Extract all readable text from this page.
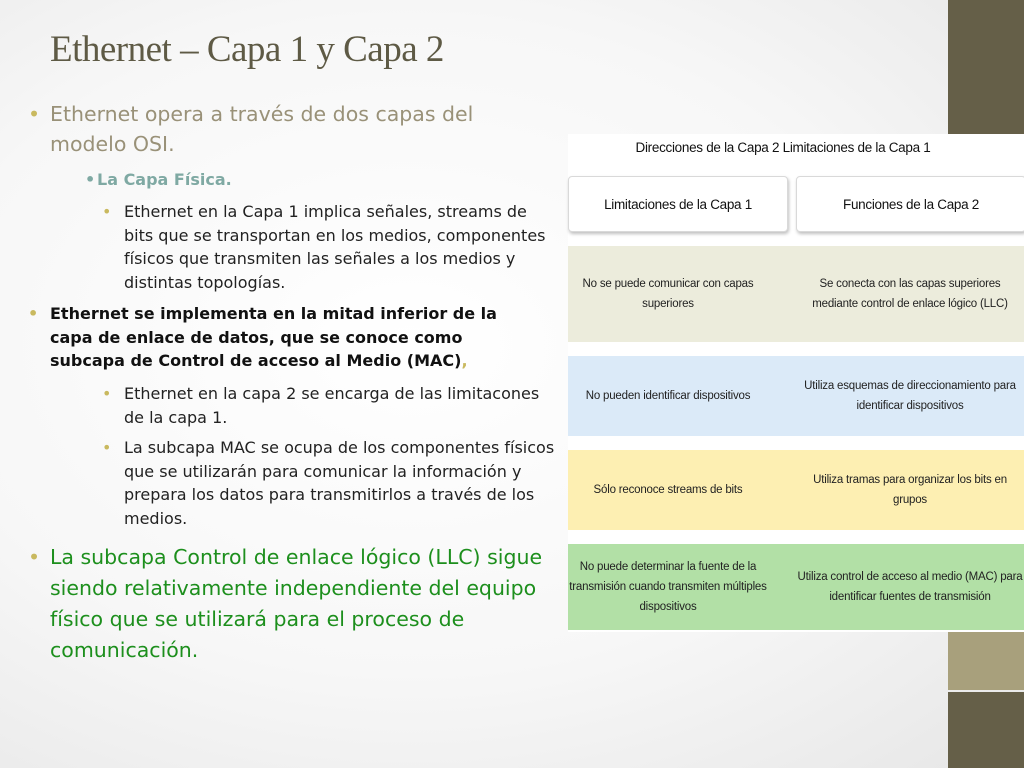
Ethernet – Capa 1 y Capa 2
• Ethernet opera a través de dos capas del modelo OSI.
• La Capa Física.
• Ethernet en la Capa 1 implica señales, streams de bits que se transportan en los medios, componentes físicos que transmiten las señales a los medios y distintas topologías.
• Ethernet se implementa en la mitad inferior de la capa de enlace de datos, que se conoce como subcapa de Control de acceso al Medio (MAC),
• Ethernet en la capa 2 se encarga de las limitacones de la capa 1.
• La subcapa MAC se ocupa de los componentes físicos que se utilizarán para comunicar la información y prepara los datos para transmitirlos a través de los medios.
• La subcapa Control de enlace lógico (LLC) sigue siendo relativamente independiente del equipo físico que se utilizará para el proceso de comunicación.
Direcciones de la Capa 2 Limitaciones de la Capa 1
Limitaciones de la Capa 1	Funciones de la Capa 2
No se puede comunicar con capas superiores
Se conecta con las capas superiores mediante control de enlace lógico (LLC)
No pueden identificar dispositivos
Utiliza esquemas de direccionamiento para identificar dispositivos
Sólo reconoce streams de bits
Utiliza tramas para organizar los bits en grupos
No puede determinar la fuente de la transmisión cuando transmiten múltiples dispositivos
Utiliza control de acceso al medio (MAC) para identificar fuentes de transmisión
